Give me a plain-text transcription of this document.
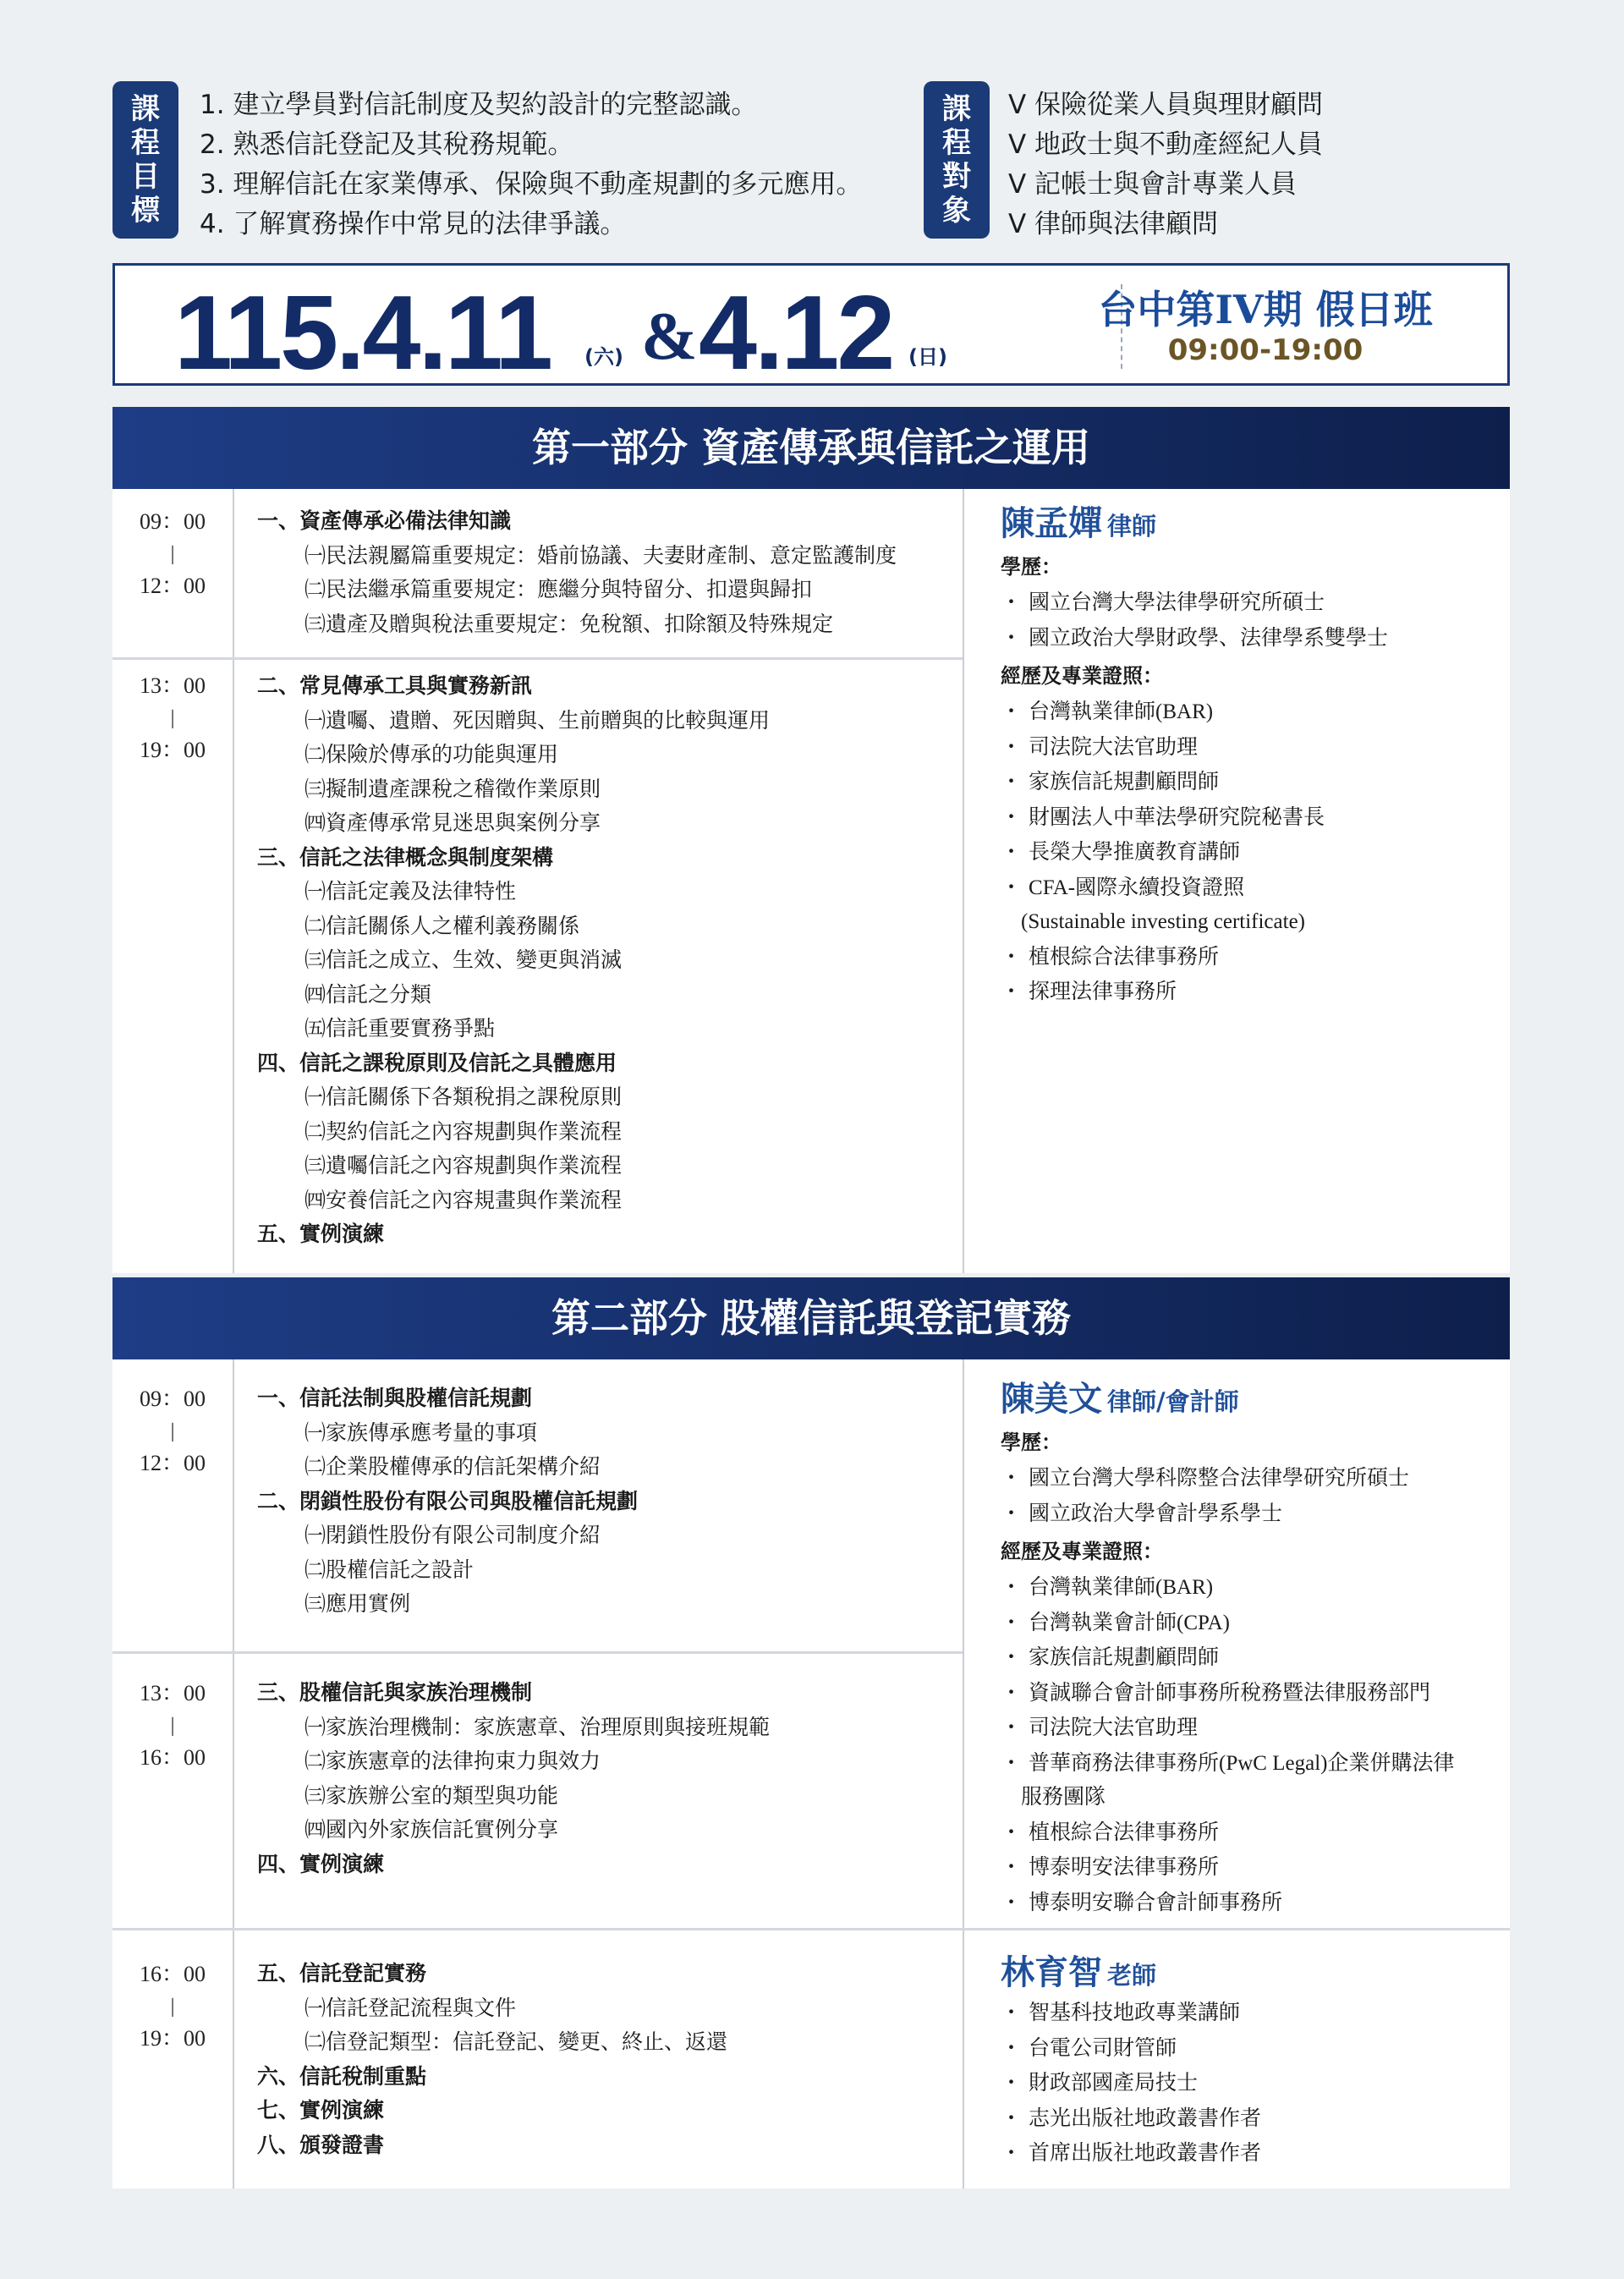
課
程
目
標
1. 建立學員對信託制度及契約設計的完整認識。
2. 熟悉信託登記及其稅務規範。
3. 理解信託在家業傳承、保險與不動產規劃的多元應用。
4. 了解實務操作中常見的法律爭議。
課
程
對
象
V 保險從業人員與理財顧問
V 地政士與不動產經紀人員
V 記帳士與會計專業人員
V 律師與法律顧問
115.4.11 (六) & 4.12 (日)
台中第IV期 假日班
09:00-19:00
第一部分 資產傳承與信託之運用
09：00
|
12：00
一、資產傳承必備法律知識
㈠民法親屬篇重要規定：婚前協議、夫妻財產制、意定監護制度
㈡民法繼承篇重要規定：應繼分與特留分、扣還與歸扣
㈢遺產及贈與稅法重要規定：免稅額、扣除額及特殊規定
13：00
|
19：00
二、常見傳承工具與實務新訊
㈠遺囑、遺贈、死因贈與、生前贈與的比較與運用
㈡保險於傳承的功能與運用
㈢擬制遺產課稅之稽徵作業原則
㈣資產傳承常見迷思與案例分享
三、信託之法律概念與制度架構
㈠信託定義及法律特性
㈡信託關係人之權利義務關係
㈢信託之成立、生效、變更與消滅
㈣信託之分類
㈤信託重要實務爭點
四、信託之課稅原則及信託之具體應用
㈠信託關係下各類稅捐之課稅原則
㈡契約信託之內容規劃與作業流程
㈢遺囑信託之內容規劃與作業流程
㈣安養信託之內容規畫與作業流程
五、實例演練
陳孟嬋 律師
學歷：
・ 國立台灣大學法律學研究所碩士
・ 國立政治大學財政學、法律學系雙學士
經歷及專業證照：
・ 台灣執業律師(BAR)
・ 司法院大法官助理
・ 家族信託規劃顧問師
・ 財團法人中華法學研究院秘書長
・ 長榮大學推廣教育講師
・ CFA-國際永續投資證照
(Sustainable investing certificate)
・ 植根綜合法律事務所
・ 探理法律事務所
第二部分 股權信託與登記實務
09：00
|
12：00
一、信託法制與股權信託規劃
㈠家族傳承應考量的事項
㈡企業股權傳承的信託架構介紹
二、閉鎖性股份有限公司與股權信託規劃
㈠閉鎖性股份有限公司制度介紹
㈡股權信託之設計
㈢應用實例
13：00
|
16：00
三、股權信託與家族治理機制
㈠家族治理機制：家族憲章、治理原則與接班規範
㈡家族憲章的法律拘束力與效力
㈢家族辦公室的類型與功能
㈣國內外家族信託實例分享
四、實例演練
16：00
|
19：00
五、信託登記實務
㈠信託登記流程與文件
㈡信登記類型：信託登記、變更、終止、返還
六、信託稅制重點
七、實例演練
八、頒發證書
陳美文 律師/會計師
學歷：
・ 國立台灣大學科際整合法律學研究所碩士
・ 國立政治大學會計學系學士
經歷及專業證照：
・ 台灣執業律師(BAR)
・ 台灣執業會計師(CPA)
・ 家族信託規劃顧問師
・ 資誠聯合會計師事務所稅務暨法律服務部門
・ 司法院大法官助理
・ 普華商務法律事務所(PwC Legal)企業併購法律
服務團隊
・ 植根綜合法律事務所
・ 博泰明安法律事務所
・ 博泰明安聯合會計師事務所
林育智 老師
・ 智基科技地政專業講師
・ 台電公司財管師
・ 財政部國產局技士
・ 志光出版社地政叢書作者
・ 首席出版社地政叢書作者
